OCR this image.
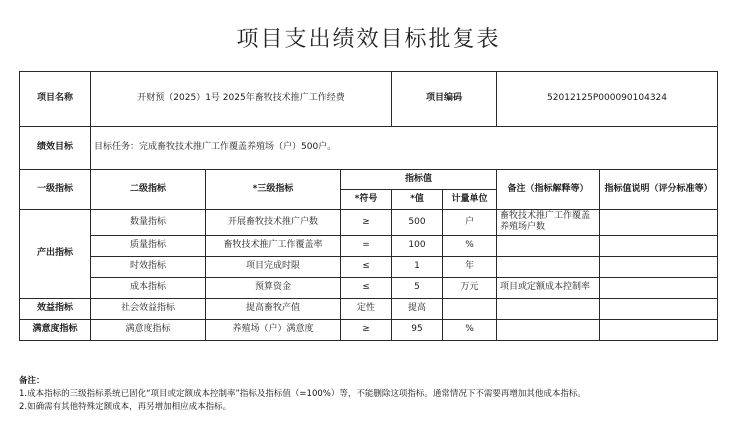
项目支出绩效目标批复表
项目名称	开财预（2025）1号 2025年畜牧技术推广工作经费			项目编码		52012125P000090104324	
绩效目标	目标任务：完成畜牧技术推广工作覆盖养殖场（户）500户。						
一级指标	二级指标	*三级指标	指标值			备注（指标解释等）	指标值说明（评分标准等）
			*符号	*值	计量单位		
产出指标	数量指标	开展畜牧技术推广户数	≥	500	户	畜牧技术推广工作覆盖养殖场户数	
	质量指标	畜牧技术推广工作覆盖率	=	100	%		
	时效指标	项目完成时限	≤	1	年		
	成本指标	预算资金	≤	5	万元	项目或定额成本控制率	
效益指标	社会效益指标	提高畜牧产值	定性	提高			
满意度指标	满意度指标	养殖场（户）满意度	≥	95	%		
备注：
1.成本指标的三级指标系统已固化“项目或定额成本控制率”指标及指标值（=100%）等，不能删除这项指标。通常情况下不需要再增加其他成本指标。
2.如确需有其他特殊定额成本，再另增加相应成本指标。
